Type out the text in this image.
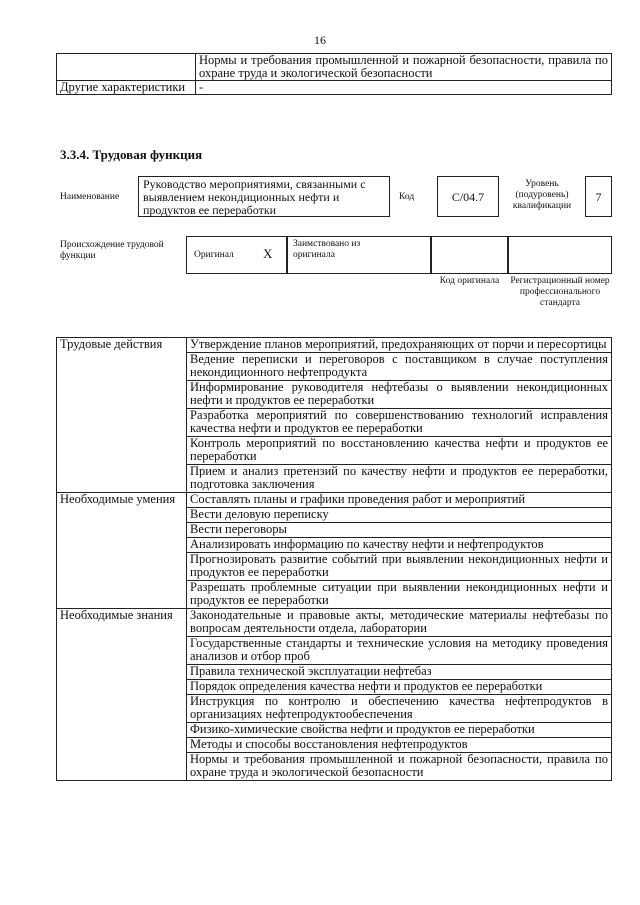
16
	Нормы и требования промышленной и пожарной безопасности, правила по охране труда и экологической безопасности
Другие характеристики	-
3.3.4. Трудовая функция
Наименование
Руководство мероприятиями, связанными с выявлением некондиционных нефти и продуктов ее переработки
Код	C/04.7
Уровень (подуровень) квалификации
7
Происхождение трудовой функции	Оригинал X
Заимствовано из оригинала
Код оригинала	Регистрационный номер профессионального стандарта
Трудовые действия	Утверждение планов мероприятий, предохраняющих от порчи и пересортицы
	Ведение переписки и переговоров с поставщиком в случае поступления некондиционного нефтепродукта
	Информирование руководителя нефтебазы о выявлении некондиционных нефти и продуктов ее переработки
	Разработка мероприятий по совершенствованию технологий исправления качества нефти и продуктов ее переработки
	Контроль мероприятий по восстановлению качества нефти и продуктов ее переработки
	Прием и анализ претензий по качеству нефти и продуктов ее переработки, подготовка заключения
Необходимые умения	Составлять планы и графики проведения работ и мероприятий
	Вести деловую переписку
	Вести переговоры
	Анализировать информацию по качеству нефти и нефтепродуктов
	Прогнозировать развитие событий при выявлении некондиционных нефти и продуктов ее переработки
	Разрешать проблемные ситуации при выявлении некондиционных нефти и продуктов ее переработки
Необходимые знания	Законодательные и правовые акты, методические материалы нефтебазы по вопросам деятельности отдела, лаборатории
	Государственные стандарты и технические условия на методику проведения анализов и отбор проб
	Правила технической эксплуатации нефтебаз
	Порядок определения качества нефти и продуктов ее переработки
	Инструкция по контролю и обеспечению качества нефтепродуктов в организациях нефтепродуктообеспечения
	Физико-химические свойства нефти и продуктов ее переработки
	Методы и способы восстановления нефтепродуктов
	Нормы и требования промышленной и пожарной безопасности, правила по охране труда и экологической безопасности
